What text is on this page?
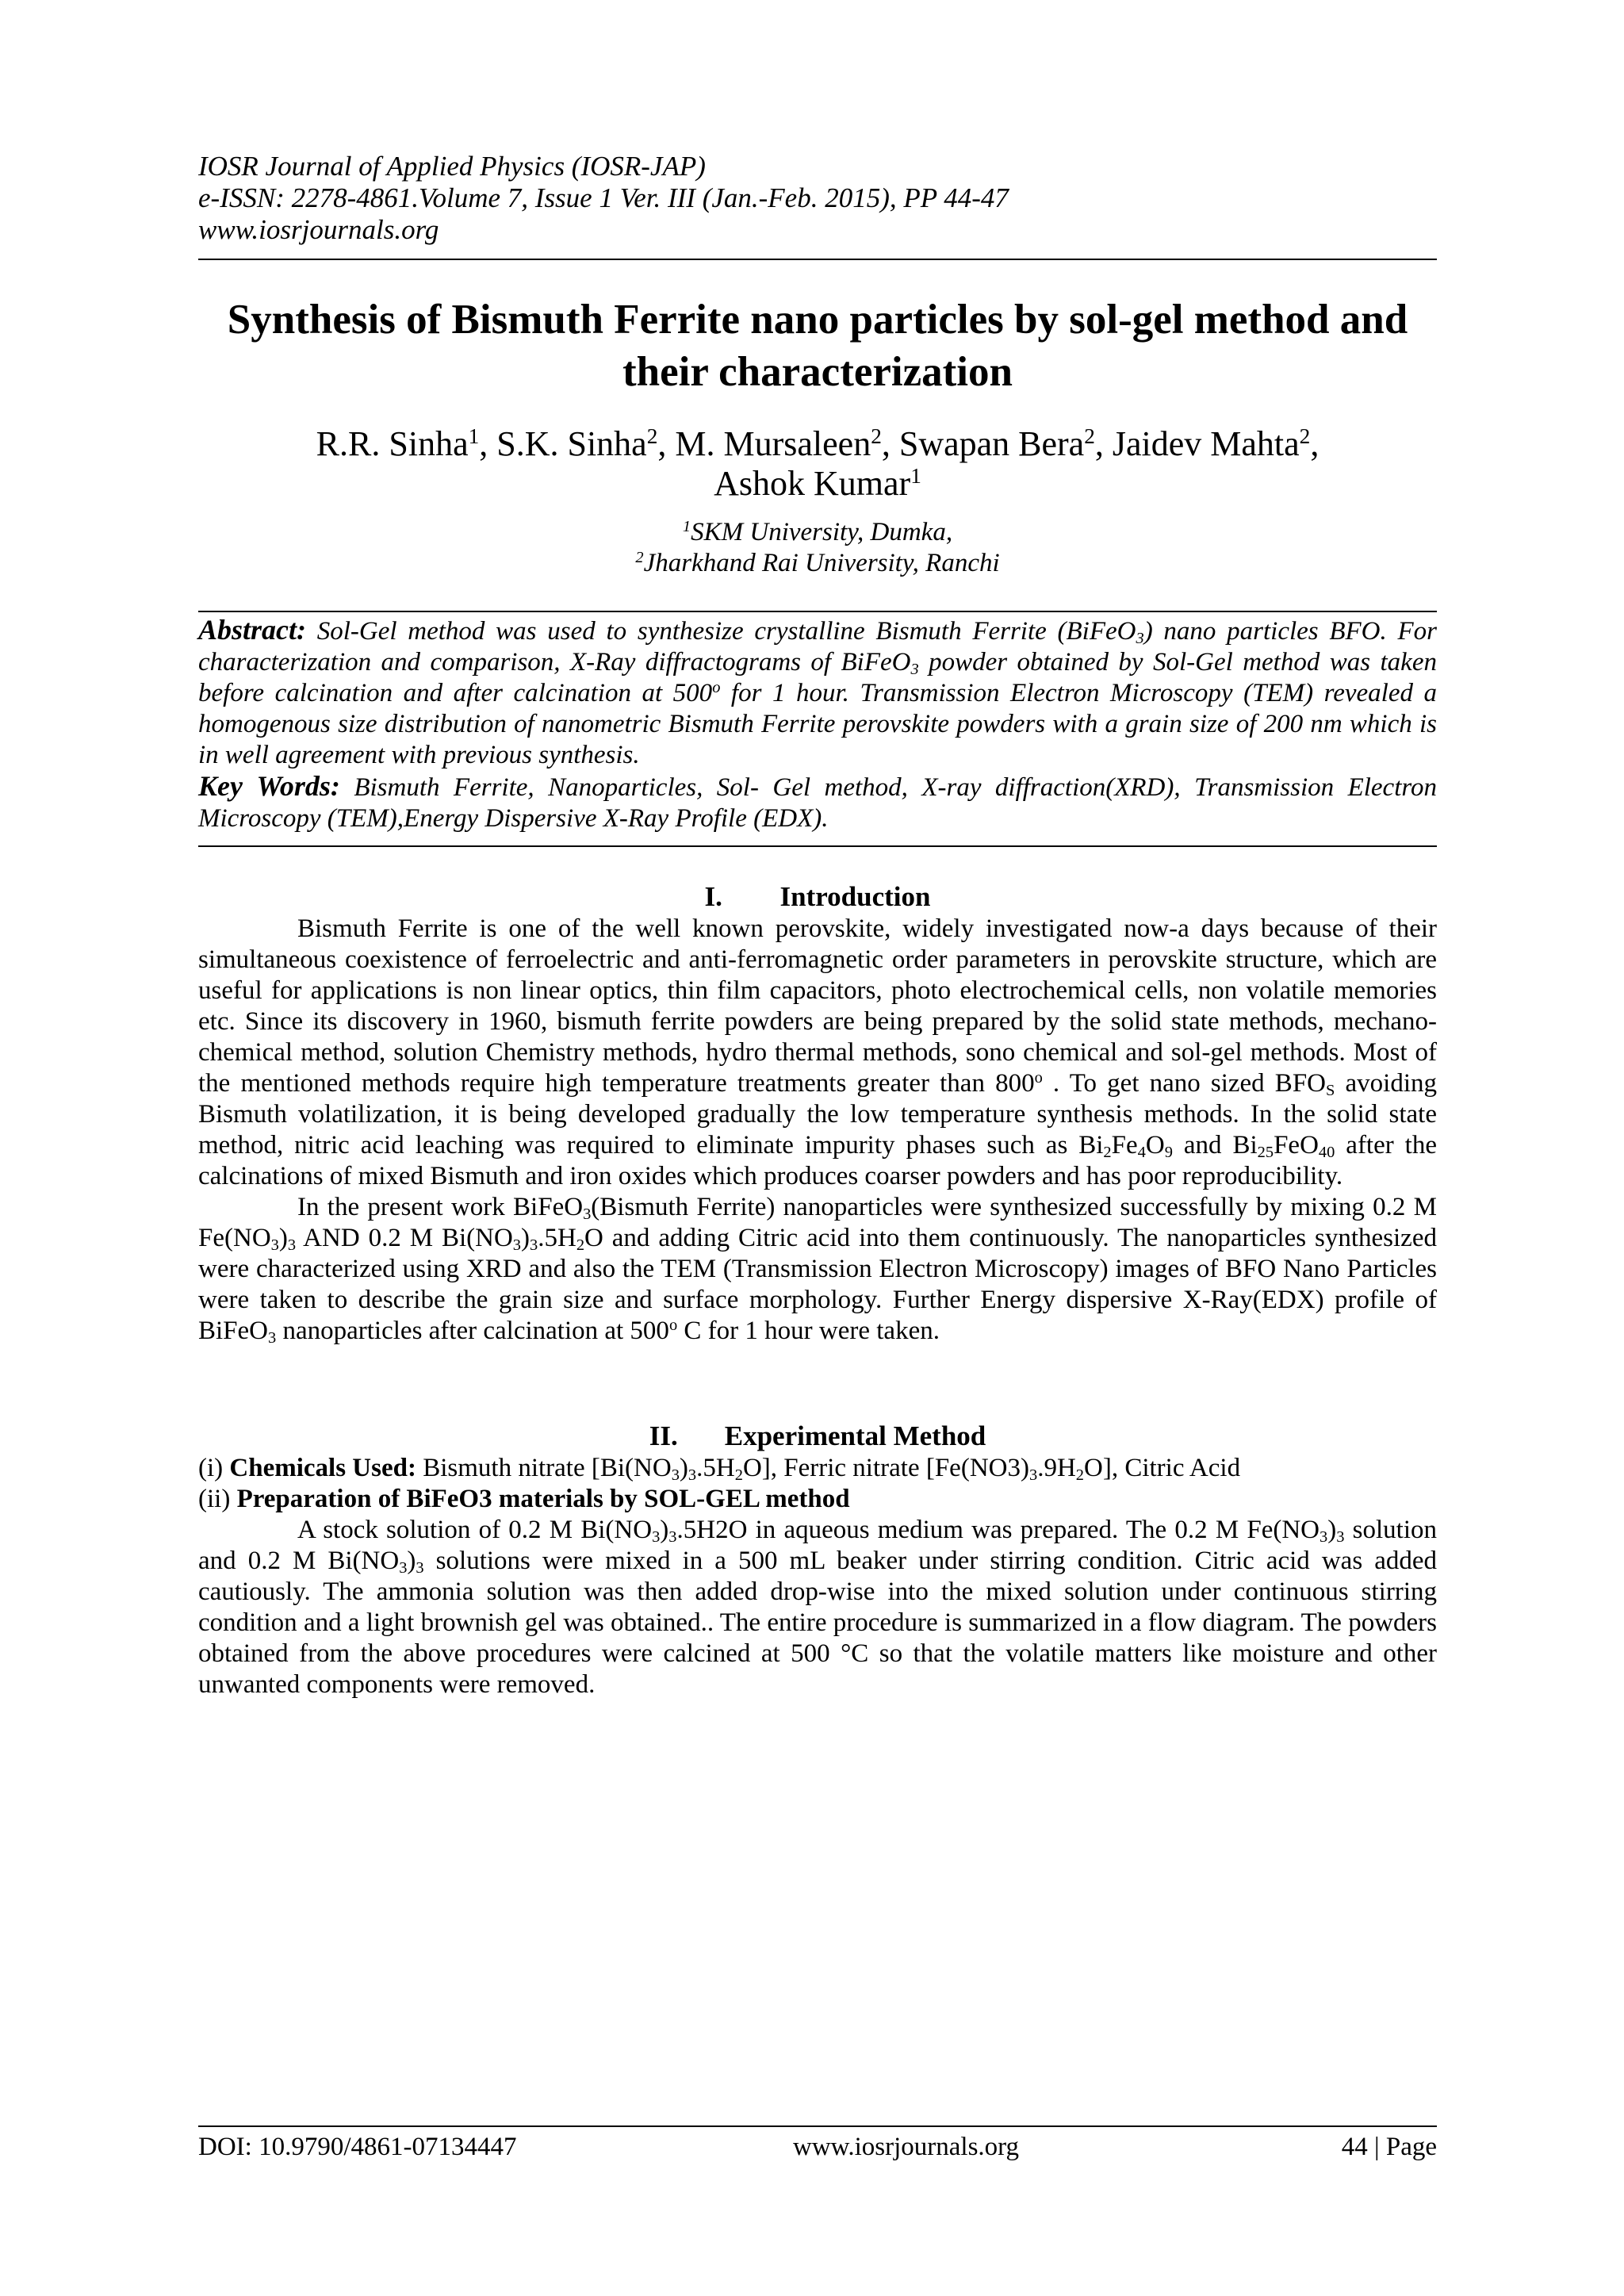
IOSR Journal of Applied Physics (IOSR-JAP)
e-ISSN: 2278-4861.Volume 7, Issue 1 Ver. III (Jan.-Feb. 2015), PP 44-47
www.iosrjournals.org
Synthesis of Bismuth Ferrite nano particles by sol-gel method and
their characterization
R.R. Sinha$^1$, S.K. Sinha$^2$, M. Mursaleen$^2$, Swapan Bera$^2$, Jaidev Mahta$^2$,
Ashok Kumar$^1$
$^1$SKM University, Dumka,
$^2$Jharkhand Rai University, Ranchi

Abstract: Sol-Gel method was used to synthesize crystalline Bismuth Ferrite (BiFeO$_3$) nano particles BFO. For characterization and comparison, X-Ray diffractograms of BiFeO$_3$ powder obtained by Sol-Gel method was taken before calcination and after calcination at 500$^o$ for 1 hour. Transmission Electron Microscopy (TEM) revealed a homogenous size distribution of nanometric Bismuth Ferrite perovskite powders with a grain size of 200 nm which is in well agreement with previous synthesis.

Key Words: Bismuth Ferrite, Nanoparticles, Sol- Gel method, X-ray diffraction(XRD), Transmission Electron Microscopy (TEM),Energy Dispersive X-Ray Profile (EDX).

I. Introduction

Bismuth Ferrite is one of the well known perovskite, widely investigated now-a days because of their simultaneous coexistence of ferroelectric and anti-ferromagnetic order parameters in perovskite structure, which are useful for applications is non linear optics, thin film capacitors, photo electrochemical cells, non volatile memories etc. Since its discovery in 1960, bismuth ferrite powders are being prepared by the solid state methods, mechano-chemical method, solution Chemistry methods, hydro thermal methods, sono chemical and sol-gel methods. Most of the mentioned methods require high temperature treatments greater than 800$^o$ . To get nano sized $BFO_S$ avoiding Bismuth volatilization, it is being developed gradually the low temperature synthesis methods. In the solid state method, nitric acid leaching was required to eliminate impurity phases such as $Bi_2Fe_4O_9$ and $Bi_{25}FeO_{40}$ after the calcinations of mixed Bismuth and iron oxides which produces coarser powders and has poor reproducibility.

In the present work BiFeO$_3$(Bismuth Ferrite) nanoparticles were synthesized successfully by mixing 0.2 M $Fe(NO_3)_3$ AND 0.2 M $Bi(NO_3)_3.5H_2O$ and adding Citric acid into them continuously. The nanoparticles synthesized were characterized using XRD and also the TEM (Transmission Electron Microscopy) images of BFO Nano Particles were taken to describe the grain size and surface morphology. Further Energy dispersive X-Ray(EDX) profile of BiFeO$_3$ nanoparticles after calcination at 500$^o$ C for 1 hour were taken.

II. Experimental Method

(i) Chemicals Used: Bismuth nitrate $[Bi(NO_3)_3.5H_2O]$, Ferric nitrate $[Fe(NO3)_3.9H_2O]$, Citric Acid

(ii) Preparation of BiFeO3 materials by SOL-GEL method

A stock solution of 0.2 M $Bi(NO_3)_3.5H2O$ in aqueous medium was prepared. The 0.2 M $Fe(NO_3)_3$ solution and 0.2 M $Bi(NO_3)_3$ solutions were mixed in a 500 mL beaker under stirring condition. Citric acid was added cautiously. The ammonia solution was then added drop-wise into the mixed solution under continuous stirring condition and a light brownish gel was obtained.. The entire procedure is summarized in a flow diagram. The powders obtained from the above procedures were calcined at 500 °C so that the volatile matters like moisture and other unwanted components were removed.

DOI: 10.9790/4861-07134447	www.iosrjournals.org	44 | Page
